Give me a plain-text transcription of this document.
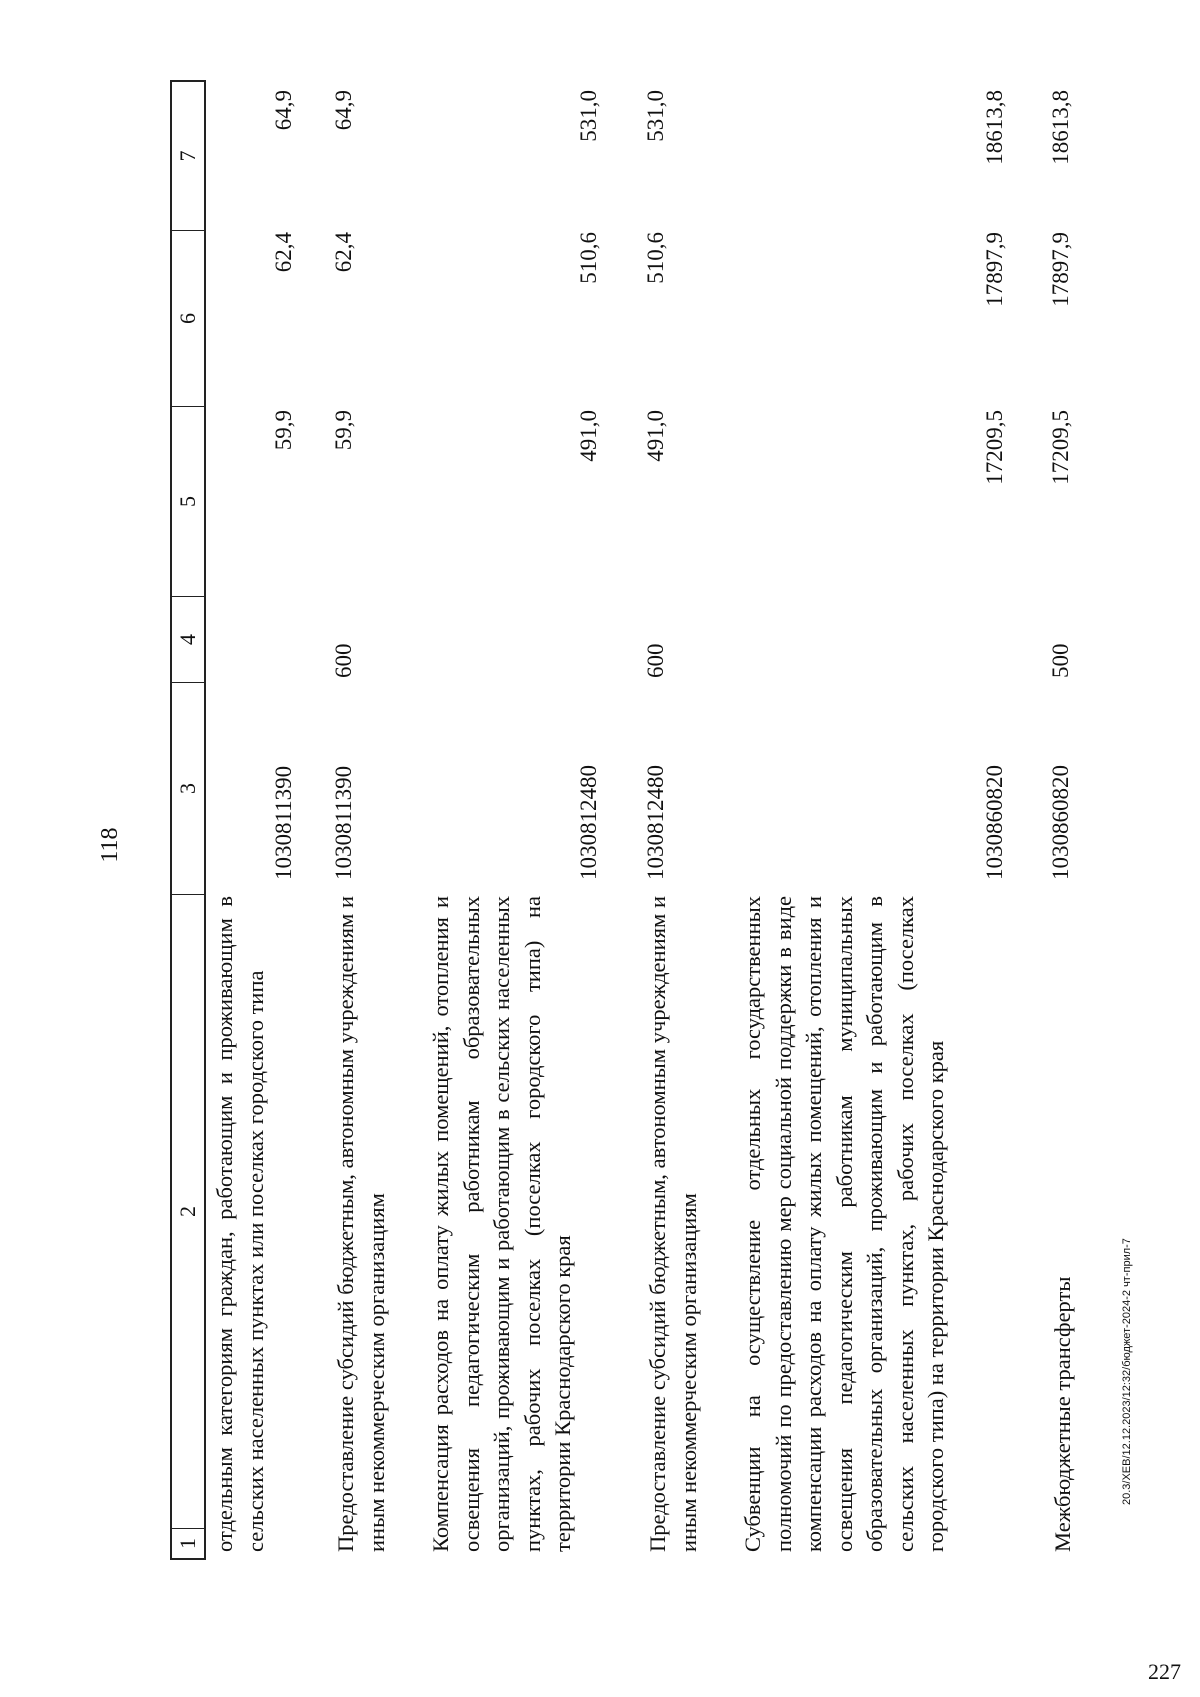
118
1
2
3
4
5
6
7
отдельным категориям граждан, работающим и проживающим в сельских населенных пунктах или поселках городского типа
1030811390
59,9
62,4
64,9
Предоставление субсидий бюджетным, автономным учреждениям и иным некоммерческим организациям
1030811390
600
59,9
62,4
64,9
Компенсация расходов на оплату жилых помещений, отопления и освещения педагогическим работникам образовательных организаций, проживающим и работающим в сельских населенных пунктах, рабочих поселках (поселках городского типа) на территории Краснодарского края
1030812480
491,0
510,6
531,0
Предоставление субсидий бюджетным, автономным учреждениям и иным некоммерческим организациям
1030812480
600
491,0
510,6
531,0
Субвенции на осуществление отдельных государственных полномочий по предоставлению мер социальной поддержки в виде компенсации расходов на оплату жилых помещений, отопления и освещения педагогическим работникам муниципальных образовательных организаций, проживающим и работающим в сельских населенных пунктах, рабочих поселках (поселках городского типа) на территории Краснодарского края
1030860820
17209,5
17897,9
18613,8
Межбюджетные трансферты
1030860820
500
17209,5
17897,9
18613,8
20.3/ХЕВ/12.12.2023/12:32/бюджет-2024-2 чт-прил-7
227
